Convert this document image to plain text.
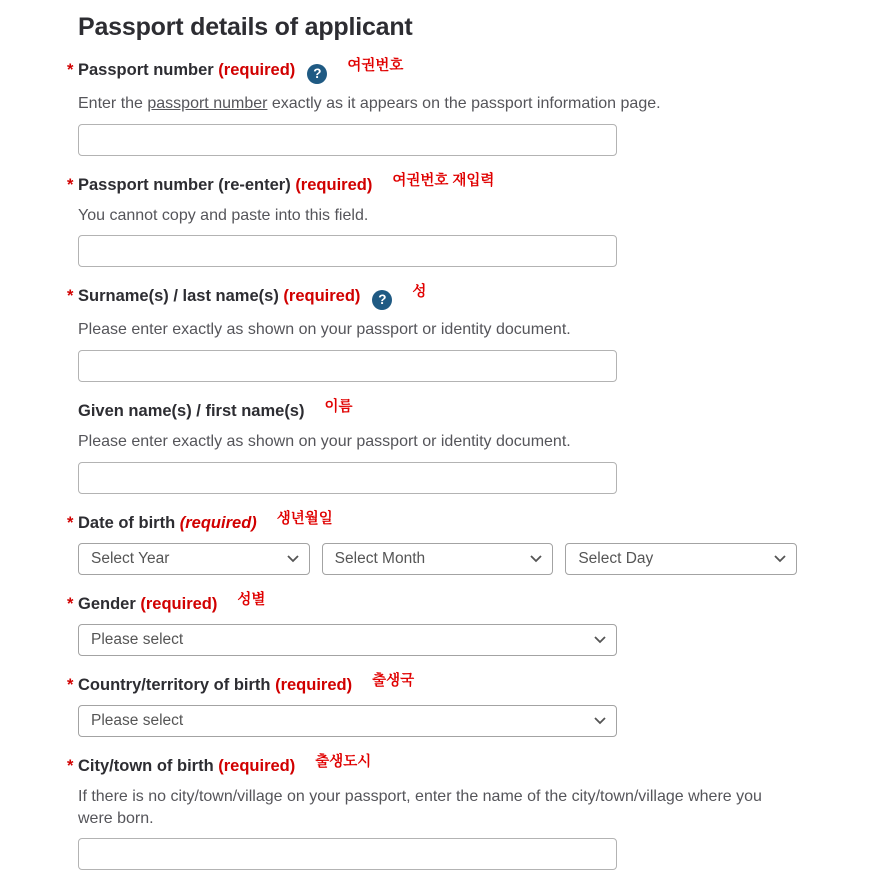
Passport details of applicant
* Passport number (required) ? 여권번호

Enter the passport number exactly as it appears on the passport information page.

* Passport number (re-enter) (required) 여권번호 재입력

You cannot copy and paste into this field.

* Surname(s) / last name(s) (required) ? 성

Please enter exactly as shown on your passport or identity document.

Given name(s) / first name(s) 이름

Please enter exactly as shown on your passport or identity document.

* Date of birth (required) 생년월일
Select Year
Select Month
Select Day
* Gender (required) 성별
Please select
* Country/territory of birth (required) 출생국
Please select
* City/town of birth (required) 출생도시

If there is no city/town/village on your passport, enter the name of the city/town/village where you were born.
